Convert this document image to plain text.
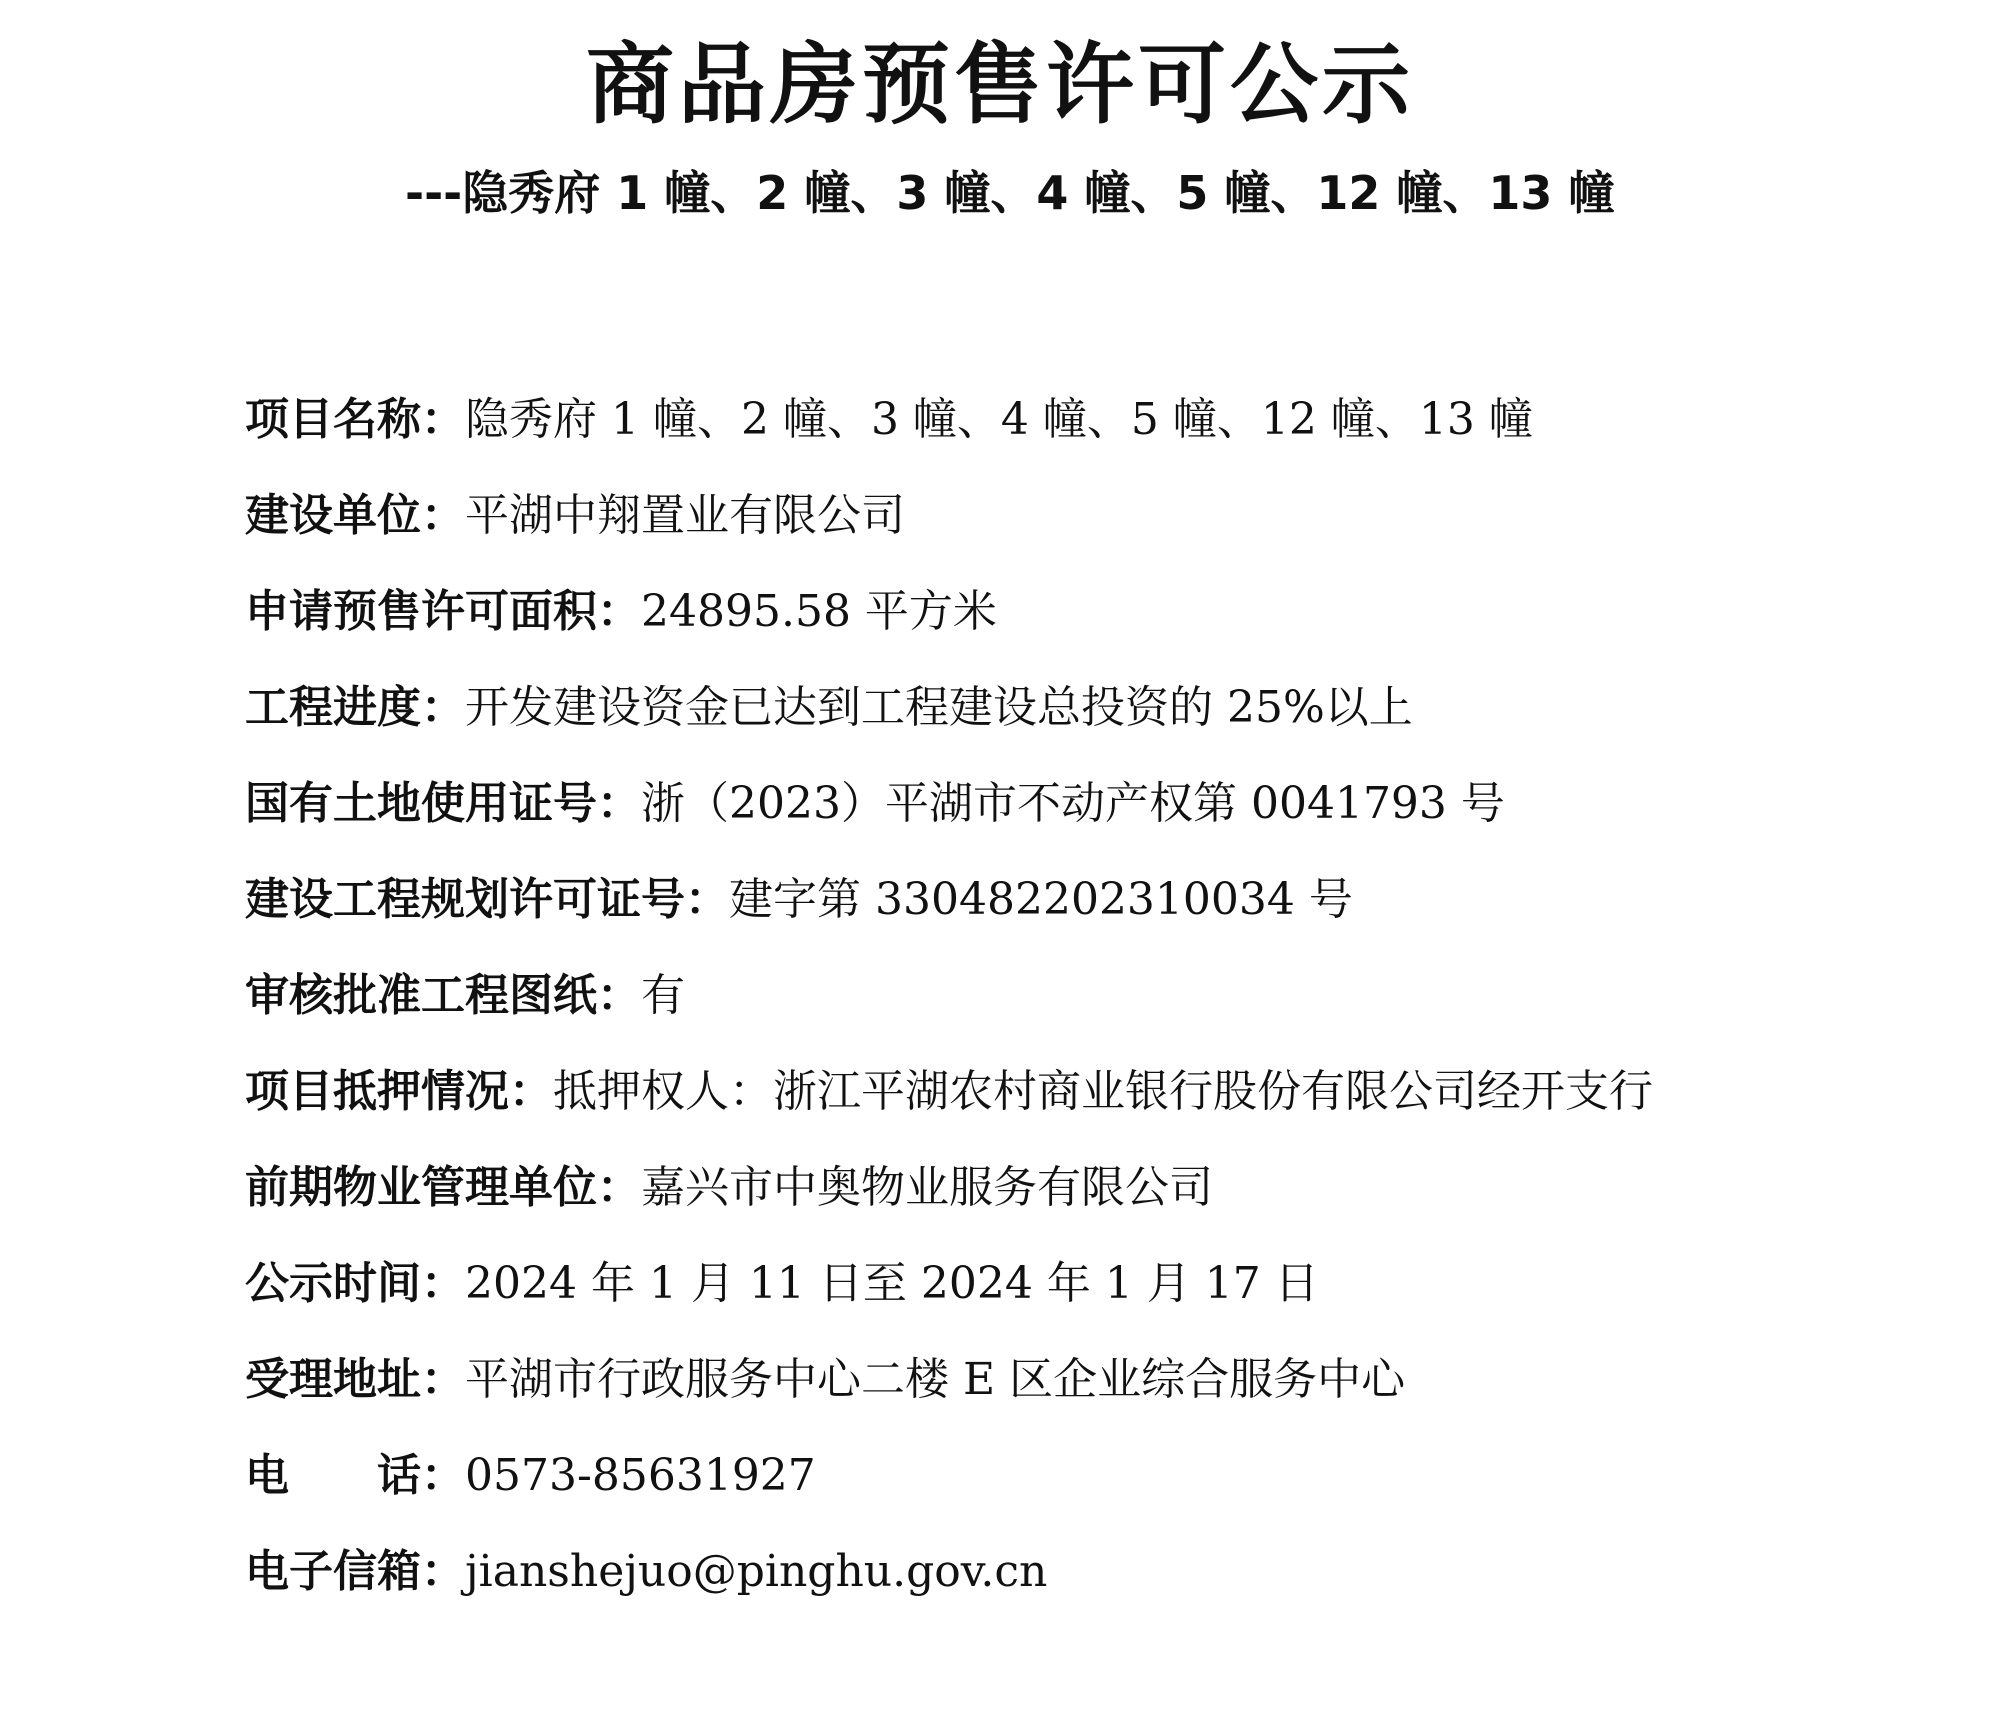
商品房预售许可公示
---隐秀府 1 幢、2 幢、3 幢、4 幢、5 幢、12 幢、13 幢
项目名称：隐秀府 1 幢、2 幢、3 幢、4 幢、5 幢、12 幢、13 幢
建设单位：平湖中翔置业有限公司
申请预售许可面积：24895.58 平方米
工程进度：开发建设资金已达到工程建设总投资的 25%以上
国有土地使用证号：浙（2023）平湖市不动产权第 0041793 号
建设工程规划许可证号：建字第 330482202310034 号
审核批准工程图纸：有
项目抵押情况：抵押权人：浙江平湖农村商业银行股份有限公司经开支行
前期物业管理单位：嘉兴市中奥物业服务有限公司
公示时间：2024 年 1 月 11 日至 2024 年 1 月 17 日
受理地址：平湖市行政服务中心二楼 E 区企业综合服务中心
电　　话：0573-85631927
电子信箱：jianshejuo@pinghu.gov.cn
